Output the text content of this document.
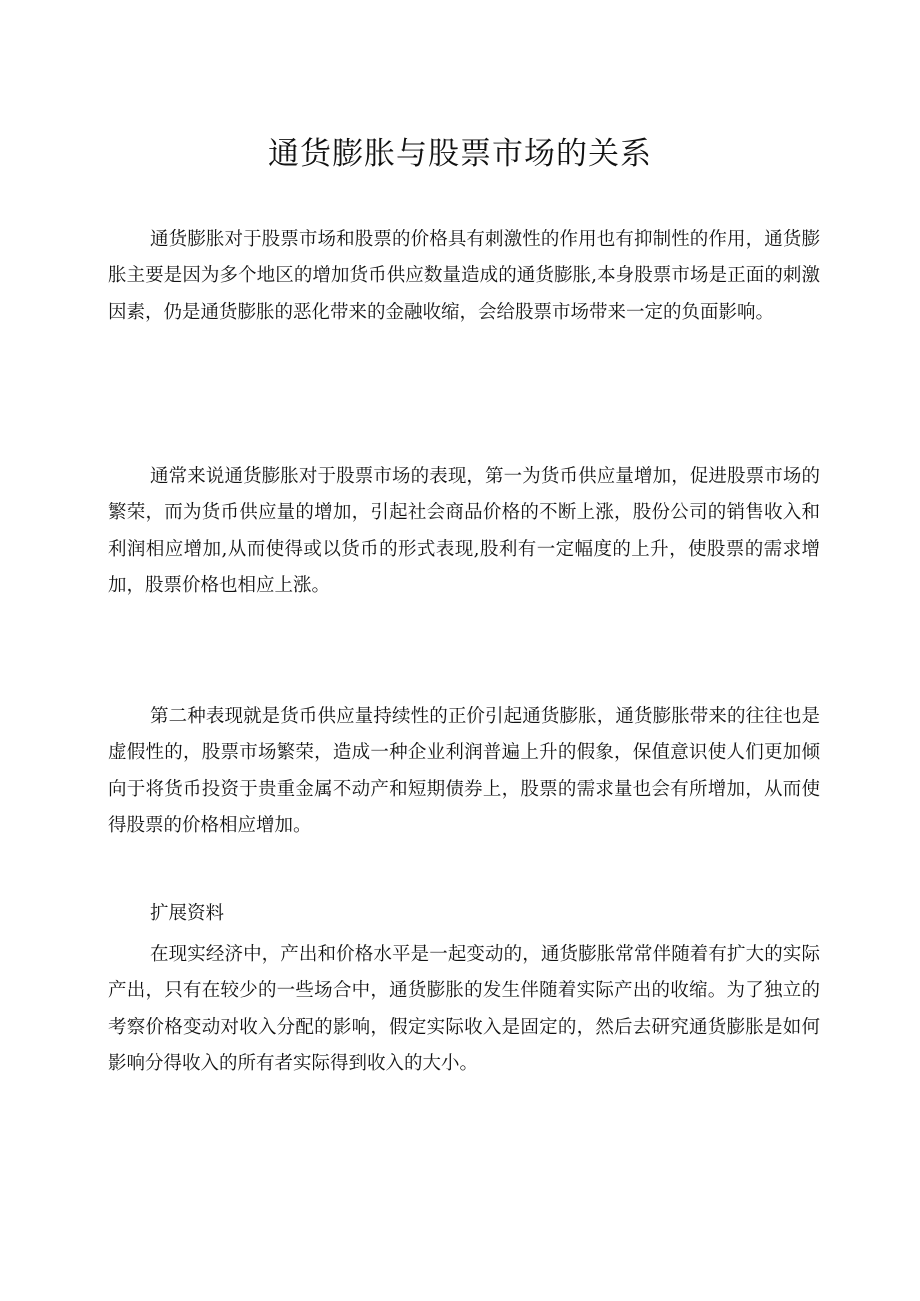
通货膨胀与股票市场的关系

通货膨胀对于股票市场和股票的价格具有刺激性的作用也有抑制性的作用，通货膨胀主要是因为多个地区的增加货币供应数量造成的通货膨胀,本身股票市场是正面的刺激因素，仍是通货膨胀的恶化带来的金融收缩，会给股票市场带来一定的负面影响。

通常来说通货膨胀对于股票市场的表现，第一为货币供应量增加，促进股票市场的繁荣，而为货币供应量的增加，引起社会商品价格的不断上涨，股份公司的销售收入和利润相应增加,从而使得或以货币的形式表现,股利有一定幅度的上升，使股票的需求增加，股票价格也相应上涨。

第二种表现就是货币供应量持续性的正价引起通货膨胀，通货膨胀带来的往往也是虚假性的，股票市场繁荣，造成一种企业利润普遍上升的假象，保值意识使人们更加倾向于将货币投资于贵重金属不动产和短期债券上，股票的需求量也会有所增加，从而使得股票的价格相应增加。

扩展资料

在现实经济中，产出和价格水平是一起变动的，通货膨胀常常伴随着有扩大的实际产出，只有在较少的一些场合中，通货膨胀的发生伴随着实际产出的收缩。为了独立的考察价格变动对收入分配的影响，假定实际收入是固定的，然后去研究通货膨胀是如何影响分得收入的所有者实际得到收入的大小。
